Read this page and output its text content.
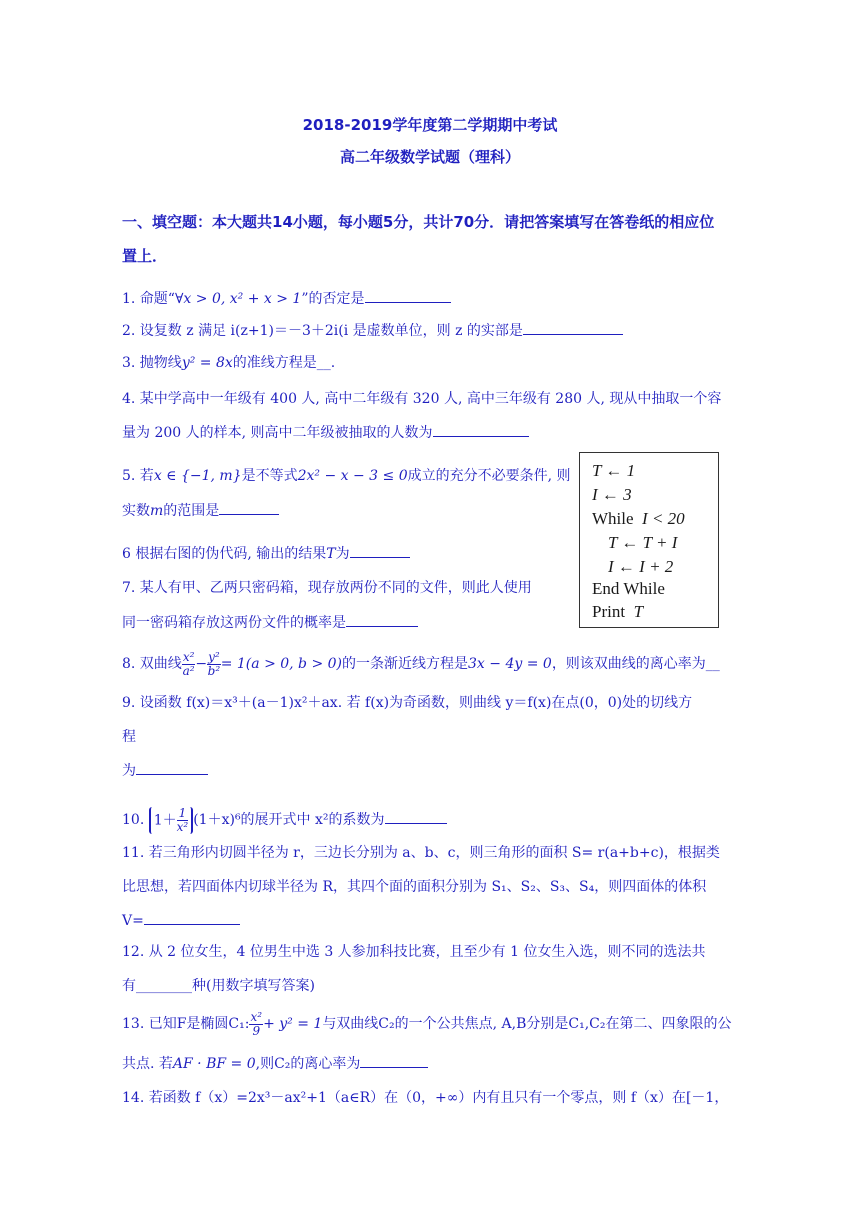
2018-2019学年度第二学期期中考试
高二年级数学试题（理科）
一、填空题：本大题共14小题，每小题5分，共计70分．请把答案填写在答卷纸的相应位
置上．
1. 命题“∀x > 0, x² + x > 1”的否定是
2. 设复数 z 满足 i(z+1)＝－3＋2i(i 是虚数单位，则 z 的实部是
3. 抛物线y² = 8x的准线方程是__.
4. 某中学高中一年级有 400 人, 高中二年级有 320 人, 高中三年级有 280 人, 现从中抽取一个容
量为 200 人的样本, 则高中二年级被抽取的人数为
5. 若x ∈ {−1, m}是不等式2x² − x − 3 ≤ 0成立的充分不必要条件, 则
实数m的范围是
6 根据右图的伪代码, 输出的结果T为
7. 某人有甲、乙两只密码箱，现存放两份不同的文件，则此人使用
同一密码箱存放这两份文件的概率是
8. 双曲线 $\frac{\text{x²}}{\text{a²}} - \frac{\text{y²}}{\text{b²}} = 1(a > 0$, b > 0)的一条渐近线方程是3x − 4y = 0，则该双曲线的离心率为__
9. 设函数 f(x)＝x³＋(a－1)x²＋ax. 若 f(x)为奇函数，则曲线 y＝f(x)在点(0，0)处的切线方
程
为
10. $1+ \frac{1}{\text{x²}} (1+x)^6$的展开式中 x²的系数为
11. 若三角形内切圆半径为 r，三边长分别为 a、b、c，则三角形的面积 S= r(a+b+c)，根据类
比思想，若四面体内切球半径为 R，其四个面的面积分别为 S₁、S₂、S₃、S₄，则四面体的体积
V=
12. 从 2 位女生，4 位男生中选 3 人参加科技比赛，且至少有 1 位女生入选，则不同的选法共
有________种(用数字填写答案)
13. 已知F是椭圆C₁: $\frac{\text{x²}}{9} + y^2 = 1$与双曲线C₂的一个公共焦点, A,B分别是C₁,C₂在第二、四象限的公
共点. 若AF · BF = 0,则C₂的离心率为
14. 若函数 f（x）=2x³－ax²+1（a∈R）在（0，+∞）内有且只有一个零点，则 f（x）在[－1，
T ← 1
I ← 3
While I < 20
T ← T + I
I ← I + 2
End While
Print T
